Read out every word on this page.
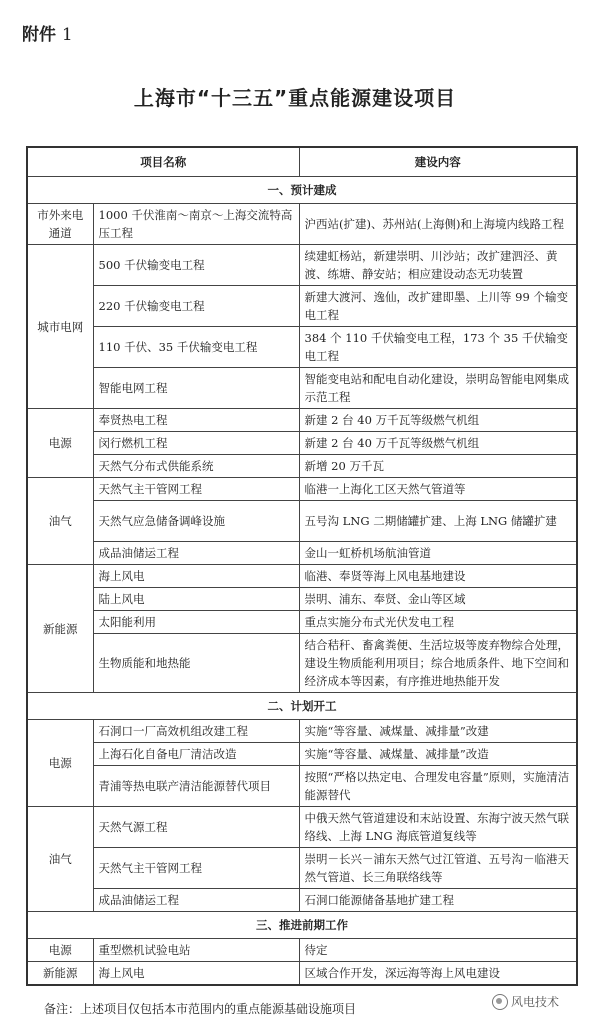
附件 1
上海市“十三五”重点能源建设项目
项目名称		建设内容
一、预计建成		
市外来电通道	1000 千伏淮南～南京～上海交流特高压工程	沪西站(扩建)、苏州站(上海侧)和上海境内线路工程
城市电网	500 千伏输变电工程	续建虹杨站，新建崇明、川沙站；改扩建泗泾、黄渡、练塘、静安站；相应建设动态无功装置
	220 千伏输变电工程	新建大渡河、逸仙，改扩建即墨、上川等 99 个输变电工程
	110 千伏、35 千伏输变电工程	384 个 110 千伏输变电工程，173 个 35 千伏输变电工程
	智能电网工程	智能变电站和配电自动化建设，崇明岛智能电网集成示范工程
电源	奉贤热电工程	新建 2 台 40 万千瓦等级燃气机组
	闵行燃机工程	新建 2 台 40 万千瓦等级燃气机组
	天然气分布式供能系统	新增 20 万千瓦
油气	天然气主干管网工程	临港一上海化工区天然气管道等
	天然气应急储备调峰设施	五号沟 LNG 二期储罐扩建、上海 LNG 储罐扩建
	成品油储运工程	金山一虹桥机场航油管道
新能源	海上风电	临港、奉贤等海上风电基地建设
	陆上风电	崇明、浦东、奉贤、金山等区域
	太阳能利用	重点实施分布式光伏发电工程
	生物质能和地热能	结合秸秆、畜禽粪便、生活垃圾等废弃物综合处理，建设生物质能利用项目；综合地质条件、地下空间和经济成本等因素，有序推进地热能开发
二、计划开工		
电源	石洞口一厂高效机组改建工程	实施“等容量、减煤量、减排量”改建
	上海石化自备电厂清洁改造	实施“等容量、减煤量、减排量”改造
	青浦等热电联产清洁能源替代项目	按照“严格以热定电、合理发电容量”原则，实施清洁能源替代
油气	天然气源工程	中俄天然气管道建设和末站设置、东海宁波天然气联络线、上海 LNG 海底管道复线等
	天然气主干管网工程	崇明－长兴－浦东天然气过江管道、五号沟－临港天然气管道、长三角联络线等
	成品油储运工程	石洞口能源储备基地扩建工程
三、推进前期工作		
电源	重型燃机试验电站	待定
新能源	海上风电	区域合作开发，深远海等海上风电建设
备注：上述项目仅包括本市范围内的重点能源基础设施项目	风电技术
